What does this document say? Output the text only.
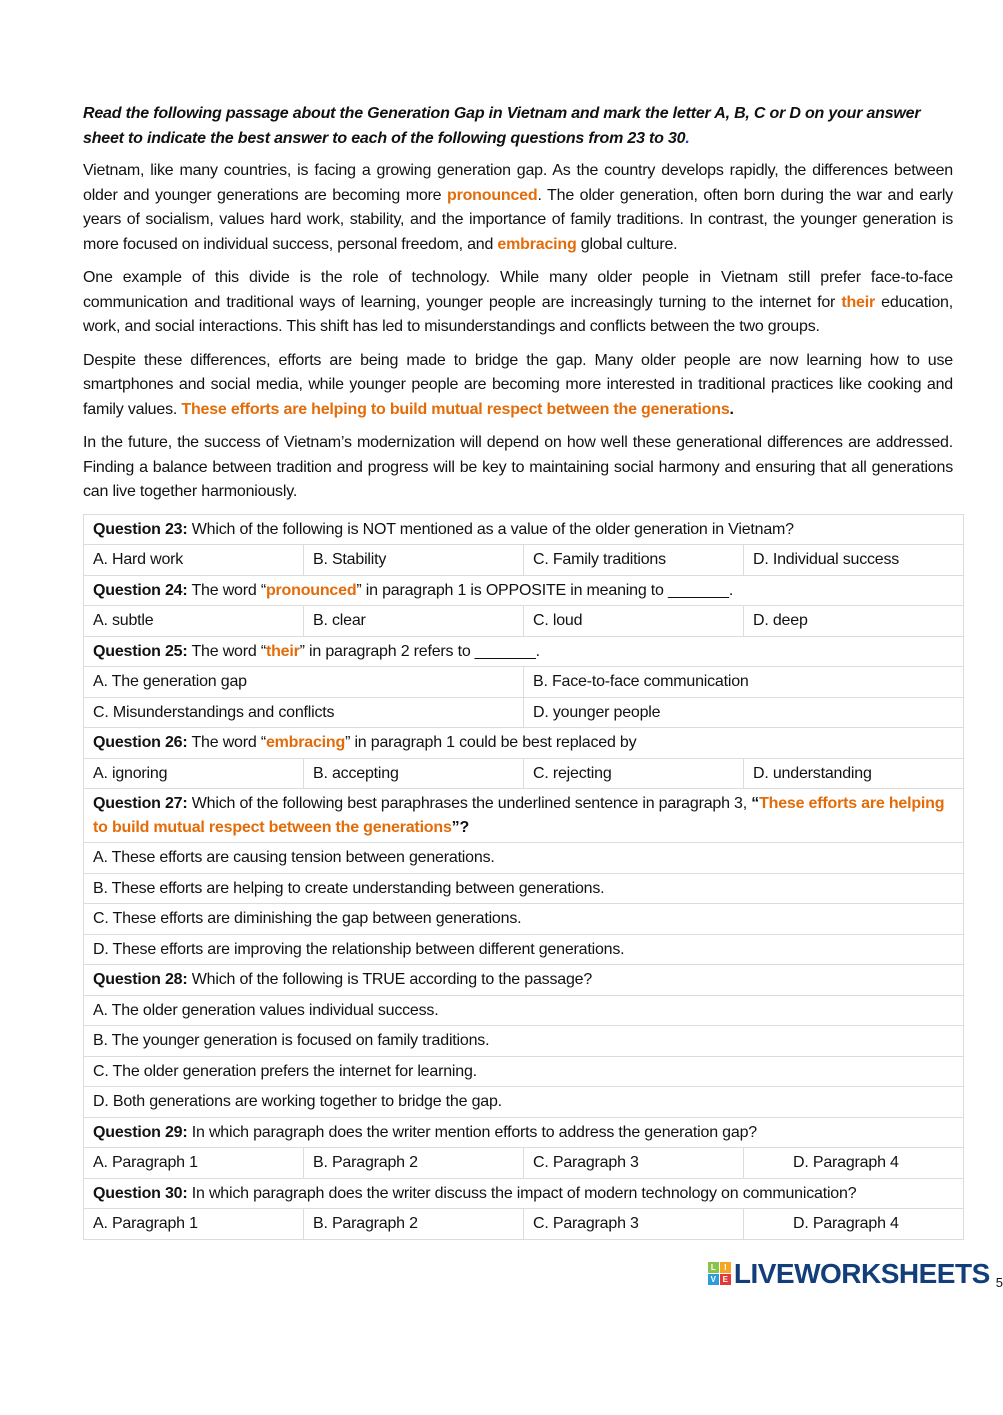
Read the following passage about the Generation Gap in Vietnam and mark the letter A, B, C or D on your answer sheet to indicate the best answer to each of the following questions from 23 to 30.

Vietnam, like many countries, is facing a growing generation gap. As the country develops rapidly, the differences between older and younger generations are becoming more pronounced. The older generation, often born during the war and early years of socialism, values hard work, stability, and the importance of family traditions. In contrast, the younger generation is more focused on individual success, personal freedom, and embracing global culture.

One example of this divide is the role of technology. While many older people in Vietnam still prefer face-to-face communication and traditional ways of learning, younger people are increasingly turning to the internet for their education, work, and social interactions. This shift has led to misunderstandings and conflicts between the two groups.

Despite these differences, efforts are being made to bridge the gap. Many older people are now learning how to use smartphones and social media, while younger people are becoming more interested in traditional practices like cooking and family values. These efforts are helping to build mutual respect between the generations.

In the future, the success of Vietnam’s modernization will depend on how well these generational differences are addressed. Finding a balance between tradition and progress will be key to maintaining social harmony and ensuring that all generations can live together harmoniously.

Question 23: Which of the following is NOT mentioned as a value of the older generation in Vietnam?			
A. Hard work	B. Stability	C. Family traditions	D. Individual success
Question 24: The word “pronounced” in paragraph 1 is OPPOSITE in meaning to _______.			
A. subtle	B. clear	C. loud	D. deep
Question 25: The word “their” in paragraph 2 refers to _______.			
A. The generation gap		B. Face-to-face communication	
C. Misunderstandings and conflicts		D. younger people	
Question 26: The word “embracing” in paragraph 1 could be best replaced by			
A. ignoring	B. accepting	C. rejecting	D. understanding
Question 27: Which of the following best paraphrases the underlined sentence in paragraph 3, “These efforts are helping to build mutual respect between the generations”?			
A. These efforts are causing tension between generations.			
B. These efforts are helping to create understanding between generations.			
C. These efforts are diminishing the gap between generations.			
D. These efforts are improving the relationship between different generations.			
Question 28: Which of the following is TRUE according to the passage?			
A. The older generation values individual success.			
B. The younger generation is focused on family traditions.			
C. The older generation prefers the internet for learning.			
D. Both generations are working together to bridge the gap.			
Question 29: In which paragraph does the writer mention efforts to address the generation gap?			
A. Paragraph 1	B. Paragraph 2	C. Paragraph 3	D. Paragraph 4
Question 30: In which paragraph does the writer discuss the impact of modern technology on communication?			
A. Paragraph 1	B. Paragraph 2	C. Paragraph 3	D. Paragraph 4
L	I
V E LIVEWORKSHEETS 5
